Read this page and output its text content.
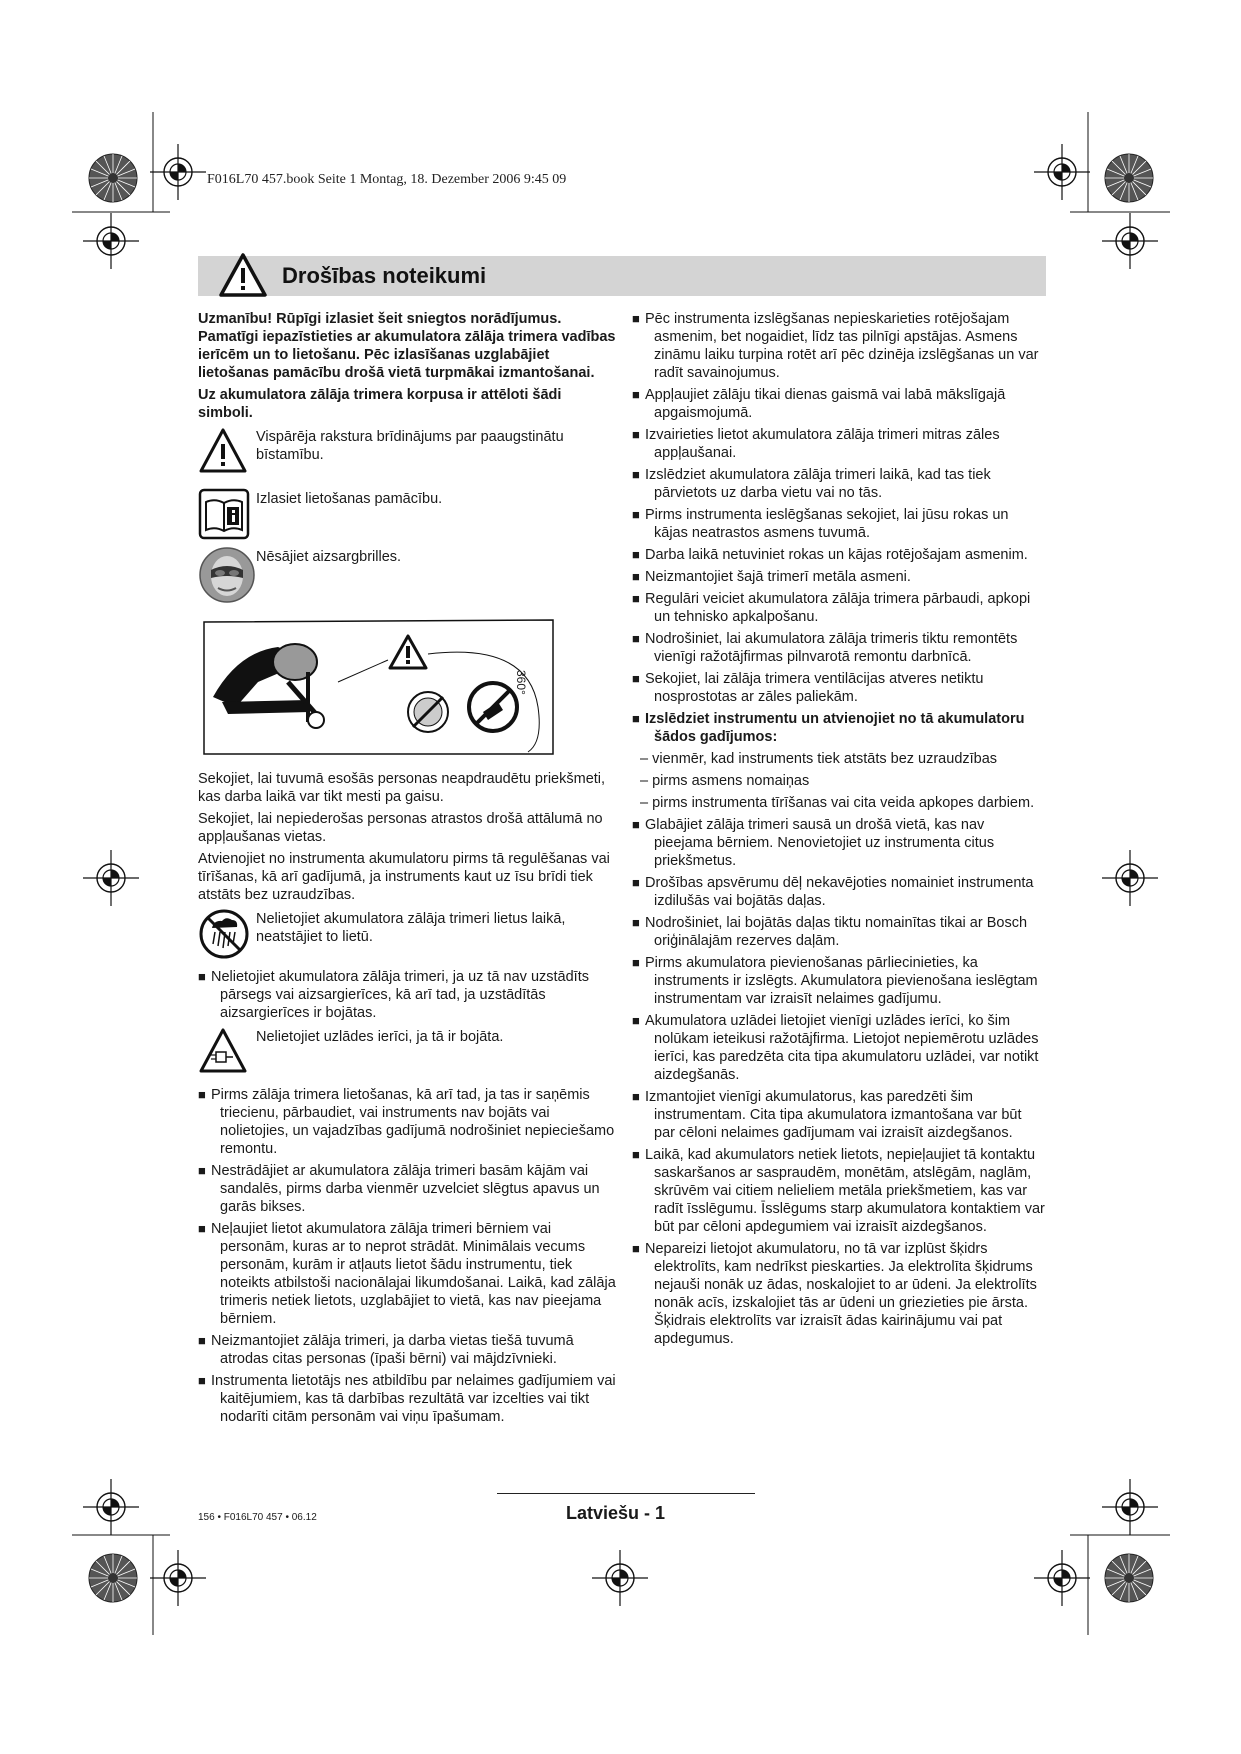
F016L70 457.book Seite 1 Montag, 18. Dezember 2006 9:45 09
Drošības noteikumi

Uzmanību! Rūpīgi izlasiet šeit sniegtos norādījumus. Pamatīgi iepazīstieties ar akumulatora zālāja trimera vadības ierīcēm un to lietošanu. Pēc izlasīšanas uzglabājiet lietošanas pamācību drošā vietā turpmākai izmantošanai.

Uz akumulatora zālāja trimera korpusa ir attēloti šādi simboli.

Vispārēja rakstura brīdinājums par paaugstinātu bīstamību.
Izlasiet lietošanas pamācību.
Nēsājiet aizsargbrilles.
360°

Sekojiet, lai tuvumā esošās personas neapdraudētu priekšmeti, kas darba laikā var tikt mesti pa gaisu.

Sekojiet, lai nepiederošas personas atrastos drošā attālumā no appļaušanas vietas.

Atvienojiet no instrumenta akumulatoru pirms tā regulēšanas vai tīrīšanas, kā arī gadījumā, ja instruments kaut uz īsu brīdi tiek atstāts bez uzraudzības.

Nelietojiet akumulatora zālāja trimeri lietus laikā, neatstājiet to lietū.

■ Nelietojiet akumulatora zālāja trimeri, ja uz tā nav uzstādīts pārsegs vai aizsargierīces, kā arī tad, ja uzstādītās aizsargierīces ir bojātas.

Nelietojiet uzlādes ierīci, ja tā ir bojāta.

■ Pirms zālāja trimera lietošanas, kā arī tad, ja tas ir saņēmis triecienu, pārbaudiet, vai instruments nav bojāts vai nolietojies, un vajadzības gadījumā nodrošiniet nepieciešamo remontu.

■ Nestrādājiet ar akumulatora zālāja trimeri basām kājām vai sandalēs, pirms darba vienmēr uzvelciet slēgtus apavus un garās bikses.

■ Neļaujiet lietot akumulatora zālāja trimeri bērniem vai personām, kuras ar to neprot strādāt. Minimālais vecums personām, kurām ir atļauts lietot šādu instrumentu, tiek noteikts atbilstoši nacionālajai likumdošanai. Laikā, kad zālāja trimeris netiek lietots, uzglabājiet to vietā, kas nav pieejama bērniem.

■ Neizmantojiet zālāja trimeri, ja darba vietas tiešā tuvumā atrodas citas personas (īpaši bērni) vai mājdzīvnieki.

■ Instrumenta lietotājs nes atbildību par nelaimes gadījumiem vai kaitējumiem, kas tā darbības rezultātā var izcelties vai tikt nodarīti citām personām vai viņu īpašumam.

■ Pēc instrumenta izslēgšanas nepieskarieties rotējošajam asmenim, bet nogaidiet, līdz tas pilnīgi apstājas. Asmens zināmu laiku turpina rotēt arī pēc dzinēja izslēgšanas un var radīt savainojumus.

■ Appļaujiet zālāju tikai dienas gaismā vai labā mākslīgajā apgaismojumā.

■ Izvairieties lietot akumulatora zālāja trimeri mitras zāles appļaušanai.

■ Izslēdziet akumulatora zālāja trimeri laikā, kad tas tiek pārvietots uz darba vietu vai no tās.

■ Pirms instrumenta ieslēgšanas sekojiet, lai jūsu rokas un kājas neatrastos asmens tuvumā.

■ Darba laikā netuviniet rokas un kājas rotējošajam asmenim.

■ Neizmantojiet šajā trimerī metāla asmeni.

■ Regulāri veiciet akumulatora zālāja trimera pārbaudi, apkopi un tehnisko apkalpošanu.

■ Nodrošiniet, lai akumulatora zālāja trimeris tiktu remontēts vienīgi ražotājfirmas pilnvarotā remontu darbnīcā.

■ Sekojiet, lai zālāja trimera ventilācijas atveres netiktu nosprostotas ar zāles paliekām.

■ Izslēdziet instrumentu un atvienojiet no tā akumulatoru šādos gadījumos:

– vienmēr, kad instruments tiek atstāts bez uzraudzības

– pirms asmens nomaiņas

– pirms instrumenta tīrīšanas vai cita veida apkopes darbiem.

■ Glabājiet zālāja trimeri sausā un drošā vietā, kas nav pieejama bērniem. Nenovietojiet uz instrumenta citus priekšmetus.

■ Drošības apsvērumu dēļ nekavējoties nomainiet instrumenta izdilušās vai bojātās daļas.

■ Nodrošiniet, lai bojātās daļas tiktu nomainītas tikai ar Bosch oriģinālajām rezerves daļām.

■ Pirms akumulatora pievienošanas pārliecinieties, ka instruments ir izslēgts. Akumulatora pievienošana ieslēgtam instrumentam var izraisīt nelaimes gadījumu.

■ Akumulatora uzlādei lietojiet vienīgi uzlādes ierīci, ko šim nolūkam ieteikusi ražotājfirma. Lietojot nepiemērotu uzlādes ierīci, kas paredzēta cita tipa akumulatoru uzlādei, var notikt aizdegšanās.

■ Izmantojiet vienīgi akumulatorus, kas paredzēti šim instrumentam. Cita tipa akumulatora izmantošana var būt par cēloni nelaimes gadījumam vai izraisīt aizdegšanos.

■ Laikā, kad akumulators netiek lietots, nepieļaujiet tā kontaktu saskaršanos ar saspraudēm, monētām, atslēgām, naglām, skrūvēm vai citiem nelieliem metāla priekšmetiem, kas var radīt īsslēgumu. Īsslēgums starp akumulatora kontaktiem var būt par cēloni apdegumiem vai izraisīt aizdegšanos.

■ Nepareizi lietojot akumulatoru, no tā var izplūst šķidrs elektrolīts, kam nedrīkst pieskarties. Ja elektrolīta šķidrums nejauši nonāk uz ādas, noskalojiet to ar ūdeni. Ja elektrolīts nonāk acīs, izskalojiet tās ar ūdeni un griezieties pie ārsta. Šķidrais elektrolīts var izraisīt ādas kairinājumu vai pat apdegumus.

156 • F016L70 457 • 06.12	Latviešu - 1
